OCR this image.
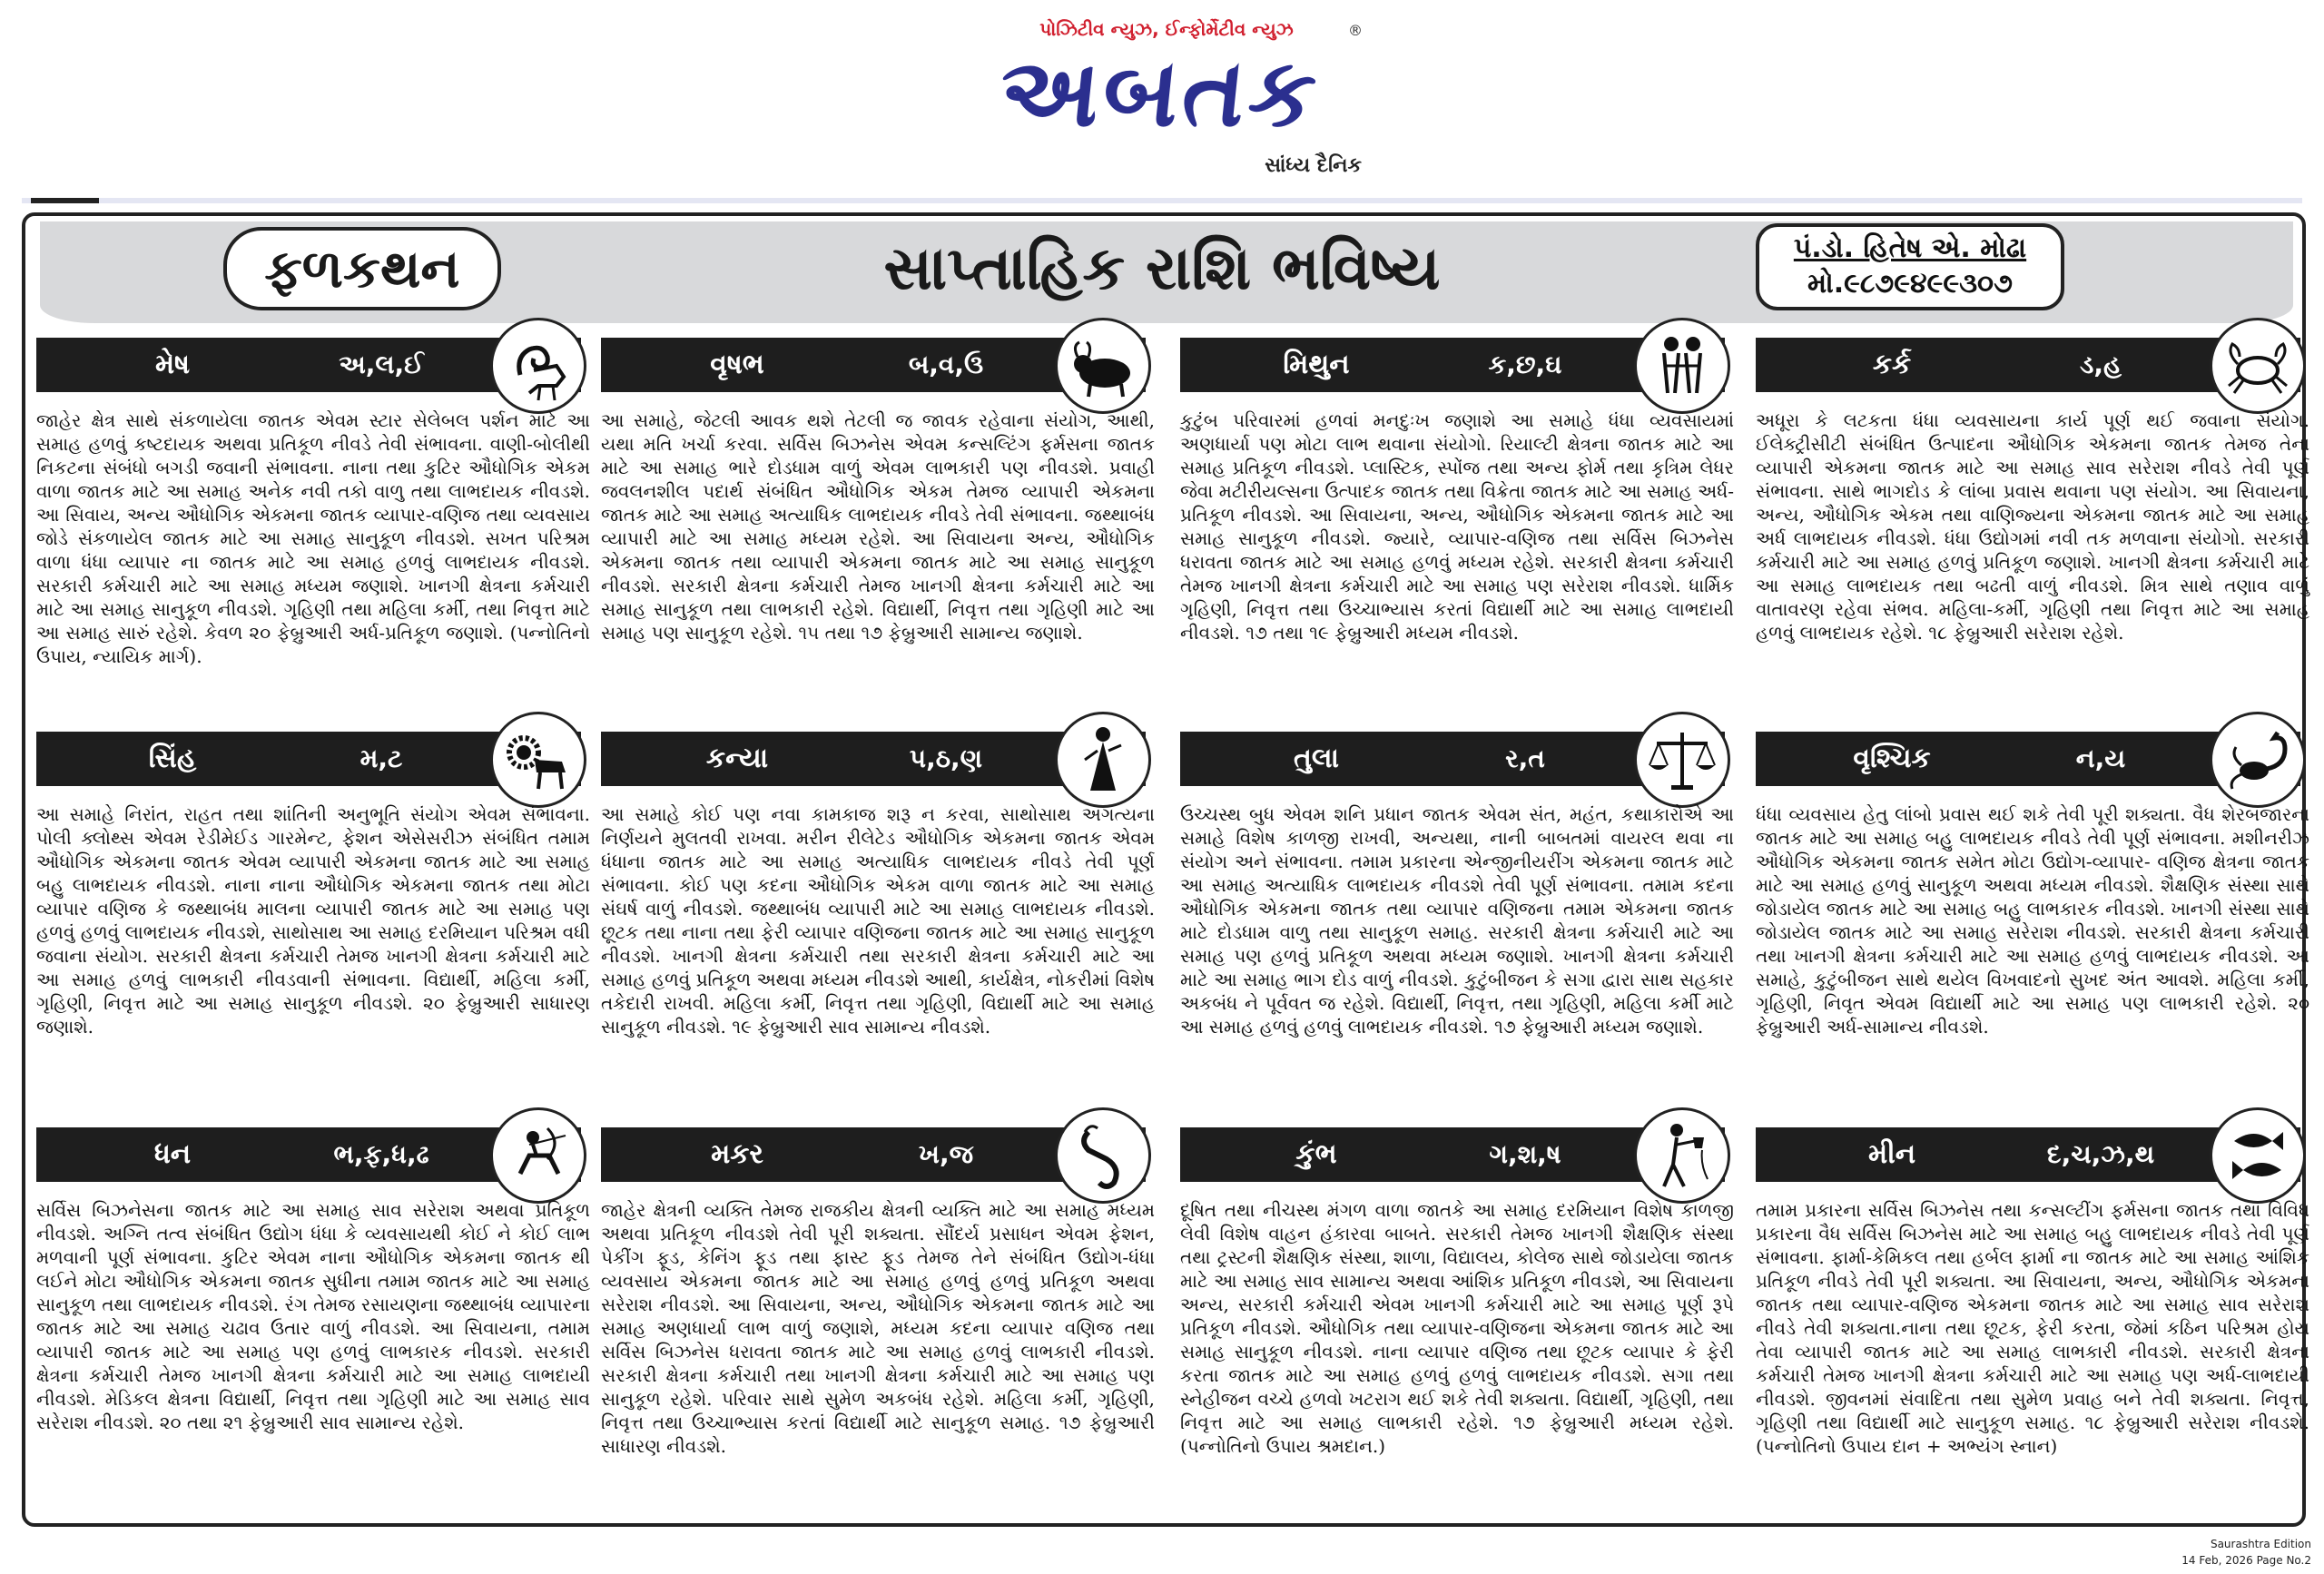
પોઝિટીવ ન્યુઝ, ઈન્ફોર્મેટીવ ન્યુઝ
અબતક
®
સાંધ્ય દૈનિક
ફળકથન	સાપ્તાહિક રાશિ ભવિષ્ય	પં.ડો. હિતેષ એ. મોઢા
મો.૯૮૭૯૪૯૯૩૦૭
મેષ	અ,લ,ઈ
જાહેર ક્ષેત્ર સાથે સંકળાયેલા જાતક એવમ સ્ટાર સેલેબલ પર્શન માટે આ સમાહ હળવું કષ્ટદાયક અથવા પ્રતિકૂળ નીવડે તેવી સંભાવના. વાણી-બોલીથી નિકટના સંબંધો બગડી જવાની સંભાવના. નાના તથા કુટિર ઔધોગિક એકમ વાળા જાતક માટે આ સમાહ અનેક નવી તકો વાળુ તથા લાભદાયક નીવડશે. આ સિવાય, અન્ય ઔધોગિક એકમના જાતક વ્યાપાર-વણિજ તથા વ્યવસાય જોડે સંકળાયેલ જાતક માટે આ સમાહ સાનુકૂળ નીવડશે. સખત પરિશ્રમ વાળા ધંધા વ્યાપાર ના જાતક માટે આ સમાહ હળવું લાભદાયક નીવડશે. સરકારી કર્મચારી માટે આ સમાહ મધ્યમ જણાશે. ખાનગી ક્ષેત્રના કર્મચારી માટે આ સમાહ સાનુકૂળ નીવડશે. ગૃહિણી તથા મહિલા કર્મી, તથા નિવૃત્ત માટે આ સમાહ સારું રહેશે. કેવળ ૨૦ ફેબ્રુઆરી અર્ધ-પ્રતિકૂળ જણાશે. (પન્નોતિનો ઉપાય, ન્યાયિક માર્ગ).
વૃષભ	બ,વ,ઉ
આ સમાહે, જેટલી આવક થશે તેટલી જ જાવક રહેવાના સંયોગ, આથી, યથા મતિ ખર્ચા કરવા. સર્વિસ બિઝનેસ એવમ કન્સલ્ટિંગ ફર્મસના જાતક માટે આ સમાહ ભારે દોડધામ વાળું એવમ લાભકારી પણ નીવડશે. પ્રવાહી જવલનશીલ પદાર્થ સંબંધિત ઔધોગિક એકમ તેમજ વ્યાપારી એકમના જાતક માટે આ સમાહ અત્યાધિક લાભદાયક નીવડે તેવી સંભાવના. જથ્થાબંધ વ્યાપારી માટે આ સમાહ મધ્યમ રહેશે. આ સિવાયના અન્ય, ઔધોગિક એકમના જાતક તથા વ્યાપારી એકમના જાતક માટે આ સમાહ સાનુકૂળ નીવડશે. સરકારી ક્ષેત્રના કર્મચારી તેમજ ખાનગી ક્ષેત્રના કર્મચારી માટે આ સમાહ સાનુકૂળ તથા લાભકારી રહેશે. વિદ્યાર્થી, નિવૃત્ત તથા ગૃહિણી માટે આ સમાહ પણ સાનુકૂળ રહેશે. ૧૫ તથા ૧૭ ફેબ્રુઆરી સામાન્ય જણાશે.
મિથુન	ક,છ,ઘ
કુટુંબ પરિવારમાં હળવાં મનદુઃખ જણાશે આ સમાહે ધંધા વ્યવસાયમાં અણધાર્યા પણ મોટા લાભ થવાના સંયોગો. રિયાલ્ટી ક્ષેત્રના જાતક માટે આ સમાહ પ્રતિકૂળ નીવડશે. પ્લાસ્ટિક, સ્પોંજ તથા અન્ય ફોર્મ તથા કૃત્રિમ લેધર જેવા મટીરીયલ્સના ઉત્પાદક જાતક તથા વિક્રેતા જાતક માટે આ સમાહ અર્ધ-પ્રતિકૂળ નીવડશે. આ સિવાયના, અન્ય, ઔધોગિક એકમના જાતક માટે આ સમાહ સાનુકૂળ નીવડશે. જ્યારે, વ્યાપાર-વણિજ તથા સર્વિસ બિઝનેસ ધરાવતા જાતક માટે આ સમાહ હળવું મધ્યમ રહેશે. સરકારી ક્ષેત્રના કર્મચારી તેમજ ખાનગી ક્ષેત્રના કર્મચારી માટે આ સમાહ પણ સરેરાશ નીવડશે. ધાર્મિક ગૃહિણી, નિવૃત્ત તથા ઉચ્ચાભ્યાસ કરતાં વિદ્યાર્થી માટે આ સમાહ લાભદાયી નીવડશે. ૧૭ તથા ૧૯ ફેબ્રુઆરી મધ્યમ નીવડશે.
કર્ક	ડ,હ
અધૂરા કે લટકતા ધંધા વ્યવસાયના કાર્ય પૂર્ણ થઈ જવાના સંયોગ. ઈલેક્ટ્રીસીટી સંબંધિત ઉત્પાદના ઔધોગિક એકમના જાતક તેમજ તેના વ્યાપારી એકમના જાતક માટે આ સમાહ સાવ સરેરાશ નીવડે તેવી પૂર્ણ સંભાવના. સાથે ભાગદોડ કે લાંબા પ્રવાસ થવાના પણ સંયોગ. આ સિવાયના, અન્ય, ઔધોગિક એકમ તથા વાણિજ્યના એકમના જાતક માટે આ સમાહ અર્ધ લાભદાયક નીવડશે. ધંધા ઉદ્યોગમાં નવી તક મળવાના સંયોગો. સરકારી કર્મચારી માટે આ સમાહ હળવું પ્રતિકૂળ જણાશે. ખાનગી ક્ષેત્રના કર્મચારી માટે આ સમાહ લાભદાયક તથા બઢતી વાળું નીવડશે. મિત્ર સાથે તણાવ વાળું વાતાવરણ રહેવા સંભવ. મહિલા-કર્મી, ગૃહિણી તથા નિવૃત્ત માટે આ સમાહ હળવું લાભદાયક રહેશે. ૧૮ ફેબ્રુઆરી સરેરાશ રહેશે.
સિંહ	મ,ટ
આ સમાહે નિરાંત, રાહત તથા શાંતિની અનુભૂતિ સંયોગ એવમ સંભાવના. પોલી ક્લોથ્સ એવમ રેડીમેઈડ ગારમેન્ટ, ફેશન એસેસરીઝ સંબંધિત તમામ ઔધોગિક એકમના જાતક એવમ વ્યાપારી એકમના જાતક માટે આ સમાહ બહુ લાભદાયક નીવડશે. નાના નાના ઔધોગિક એકમના જાતક તથા મોટા વ્યાપાર વણિજ કે જથ્થાબંધ માલના વ્યાપારી જાતક માટે આ સમાહ પણ હળવું હળવું લાભદાયક નીવડશે, સાથોસાથ આ સમાહ દરમિયાન પરિશ્રમ વધી જવાના સંયોગ. સરકારી ક્ષેત્રના કર્મચારી તેમજ ખાનગી ક્ષેત્રના કર્મચારી માટે આ સમાહ હળવું લાભકારી નીવડવાની સંભાવના. વિદ્યાર્થી, મહિલા કર્મી, ગૃહિણી, નિવૃત્ત માટે આ સમાહ સાનુકૂળ નીવડશે. ૨૦ ફેબ્રુઆરી સાધારણ જણાશે.
કન્યા	પ,ઠ,ણ
આ સમાહે કોઈ પણ નવા કામકાજ શરૂ ન કરવા, સાથોસાથ અગત્યના નિર્ણયને મુલતવી રાખવા. મરીન રીલેટેડ ઔધોગિક એકમના જાતક એવમ ધંધાના જાતક માટે આ સમાહ અત્યાધિક લાભદાયક નીવડે તેવી પૂર્ણ સંભાવના. કોઈ પણ કદના ઔધોગિક એકમ વાળા જાતક માટે આ સમાહ સંઘર્ષ વાળું નીવડશે. જથ્થાબંધ વ્યાપારી માટે આ સમાહ લાભદાયક નીવડશે. છૂટક તથા નાના તથા ફેરી વ્યાપાર વણિજના જાતક માટે આ સમાહ સાનુકૂળ નીવડશે. ખાનગી ક્ષેત્રના કર્મચારી તથા સરકારી ક્ષેત્રના કર્મચારી માટે આ સમાહ હળવું પ્રતિકૂળ અથવા મધ્યમ નીવડશે આથી, કાર્યક્ષેત્ર, નોકરીમાં વિશેષ તકેદારી રાખવી. મહિલા કર્મી, નિવૃત્ત તથા ગૃહિણી, વિદ્યાર્થી માટે આ સમાહ સાનુકૂળ નીવડશે. ૧૯ ફેબ્રુઆરી સાવ સામાન્ય નીવડશે.
તુલા	ર,ત
ઉચ્ચસ્થ બુધ એવમ શનિ પ્રધાન જાતક એવમ સંત, મહંત, કથાકારોએ આ સમાહે વિશેષ કાળજી રાખવી, અન્યથા, નાની બાબતમાં વાયરલ થવા ના સંયોગ અને સંભાવના. તમામ પ્રકારના એન્જીનીયરીંગ એકમના જાતક માટે આ સમાહ અત્યાધિક લાભદાયક નીવડશે તેવી પૂર્ણ સંભાવના. તમામ કદના ઔધોગિક એકમના જાતક તથા વ્યાપાર વણિજના તમામ એકમના જાતક માટે દોડધામ વાળુ તથા સાનુકૂળ સમાહ. સરકારી ક્ષેત્રના કર્મચારી માટે આ સમાહ પણ હળવું પ્રતિકૂળ અથવા મધ્યમ જણાશે. ખાનગી ક્ષેત્રના કર્મચારી માટે આ સમાહ ભાગ દોડ વાળું નીવડશે. કુટુંબીજન કે સગા દ્વારા સાથ સહકાર અકબંધ ને પૂર્વવત જ રહેશે. વિદ્યાર્થી, નિવૃત્ત, તથા ગૃહિણી, મહિલા કર્મી માટે આ સમાહ હળવું હળવું લાભદાયક નીવડશે. ૧૭ ફેબ્રુઆરી મધ્યમ જણાશે.
વૃશ્ચિક	ન,ય
ધંધા વ્યવસાય હેતુ લાંબો પ્રવાસ થઈ શકે તેવી પૂરી શક્યતા. વૈધ શેરબજારના જાતક માટે આ સમાહ બહુ લાભદાયક નીવડે તેવી પૂર્ણ સંભાવના. મશીનરીઝ ઔધોગિક એકમના જાતક સમેત મોટા ઉદ્યોગ-વ્યાપાર- વણિજ ક્ષેત્રના જાતક માટે આ સમાહ હળવું સાનુકૂળ અથવા મધ્યમ નીવડશે. શૈક્ષણિક સંસ્થા સાથે જોડાયેલ જાતક માટે આ સમાહ બહુ લાભકારક નીવડશે. ખાનગી સંસ્થા સાથે જોડાયેલ જાતક માટે આ સમાહ સરેરાશ નીવડશે. સરકારી ક્ષેત્રના કર્મચારી તથા ખાનગી ક્ષેત્રના કર્મચારી માટે આ સમાહ હળવું લાભદાયક નીવડશે. આ સમાહે, કુટુંબીજન સાથે થયેલ વિખવાદનો સુખદ અંત આવશે. મહિલા કર્મી, ગૃહિણી, નિવૃત એવમ વિદ્યાર્થી માટે આ સમાહ પણ લાભકારી રહેશે. ૨૦ ફેબ્રુઆરી અર્ધ-સામાન્ય નીવડશે.
ધન	ભ,ફ,ધ,ઢ
સર્વિસ બિઝનેસના જાતક માટે આ સમાહ સાવ સરેરાશ અથવા પ્રતિકૂળ નીવડશે. અગ્નિ તત્વ સંબંધિત ઉદ્યોગ ધંધા કે વ્યવસાયથી કોઈ ને કોઈ લાભ મળવાની પૂર્ણ સંભાવના. કુટિર એવમ નાના ઔધોગિક એકમના જાતક થી લઈને મોટા ઔધોગિક એકમના જાતક સુધીના તમામ જાતક માટે આ સમાહ સાનુકૂળ તથા લાભદાયક નીવડશે. રંગ તેમજ રસાયણના જથ્થાબંધ વ્યાપારના જાતક માટે આ સમાહ ચઢાવ ઉતાર વાળું નીવડશે. આ સિવાયના, તમામ વ્યાપારી જાતક માટે આ સમાહ પણ હળવું લાભકારક નીવડશે. સરકારી ક્ષેત્રના કર્મચારી તેમજ ખાનગી ક્ષેત્રના કર્મચારી માટે આ સમાહ લાભદાયી નીવડશે. મેડિકલ ક્ષેત્રના વિદ્યાર્થી, નિવૃત્ત તથા ગૃહિણી માટે આ સમાહ સાવ સરેરાશ નીવડશે. ૨૦ તથા ૨૧ ફેબ્રુઆરી સાવ સામાન્ય રહેશે.
મકર	ખ,જ
જાહેર ક્ષેત્રની વ્યક્તિ તેમજ રાજકીય ક્ષેત્રની વ્યક્તિ માટે આ સમાહ મધ્યમ અથવા પ્રતિકૂળ નીવડશે તેવી પૂરી શક્યતા. સૌંદર્ય પ્રસાધન એવમ ફેશન, પેકીંગ ફૂડ, કેનિંગ ફૂડ તથા ફાસ્ટ ફૂડ તેમજ તેને સંબંધિત ઉદ્યોગ-ધંધા વ્યવસાય એકમના જાતક માટે આ સમાહ હળવું હળવું પ્રતિકૂળ અથવા સરેરાશ નીવડશે. આ સિવાયના, અન્ય, ઔધોગિક એકમના જાતક માટે આ સમાહ અણધાર્યા લાભ વાળું જણાશે, મધ્યમ કદના વ્યાપાર વણિજ તથા સર્વિસ બિઝનેસ ધરાવતા જાતક માટે આ સમાહ હળવું લાભકારી નીવડશે. સરકારી ક્ષેત્રના કર્મચારી તથા ખાનગી ક્ષેત્રના કર્મચારી માટે આ સમાહ પણ સાનુકૂળ રહેશે. પરિવાર સાથે સુમેળ અકબંધ રહેશે. મહિલા કર્મી, ગૃહિણી, નિવૃત્ત તથા ઉચ્ચાભ્યાસ કરતાં વિદ્યાર્થી માટે સાનુકૂળ સમાહ. ૧૭ ફેબ્રુઆરી સાધારણ નીવડશે.
કુંભ	ગ,શ,ષ
દૂષિત તથા નીચસ્થ મંગળ વાળા જાતકે આ સમાહ દરમિયાન વિશેષ કાળજી લેવી વિશેષ વાહન હંકારવા બાબતે. સરકારી તેમજ ખાનગી શૈક્ષણિક સંસ્થા તથા ટ્રસ્ટની શૈક્ષણિક સંસ્થા, શાળા, વિદ્યાલય, કોલેજ સાથે જોડાયેલા જાતક માટે આ સમાહ સાવ સામાન્ય અથવા આંશિક પ્રતિકૂળ નીવડશે, આ સિવાયના અન્ય, સરકારી કર્મચારી એવમ ખાનગી કર્મચારી માટે આ સમાહ પૂર્ણ રૂપે પ્રતિકૂળ નીવડશે. ઔધોગિક તથા વ્યાપાર-વણિજના એકમના જાતક માટે આ સમાહ સાનુકૂળ નીવડશે. નાના વ્યાપાર વણિજ તથા છૂટક વ્યાપાર કે ફેરી કરતા જાતક માટે આ સમાહ હળવું હળવું લાભદાયક નીવડશે. સગા તથા સ્નેહીજન વચ્ચે હળવો ખટરાગ થઈ શકે તેવી શક્યતા. વિદ્યાર્થી, ગૃહિણી, તથા નિવૃત્ત માટે આ સમાહ લાભકારી રહેશે. ૧૭ ફેબ્રુઆરી મધ્યમ રહેશે. (પન્નોતિનો ઉપાય શ્રમદાન.)
મીન	દ,ચ,ઝ,થ
તમામ પ્રકારના સર્વિસ બિઝનેસ તથા કન્સલ્ટીંગ ફર્મસના જાતક તથા વિવિધ પ્રકારના વૈધ સર્વિસ બિઝનેસ માટે આ સમાહ બહુ લાભદાયક નીવડે તેવી પૂર્ણ સંભાવના. ફાર્મા-કેમિકલ તથા હર્બલ ફાર્મા ના જાતક માટે આ સમાહ આંશિક પ્રતિકૂળ નીવડે તેવી પૂરી શક્યતા. આ સિવાયના, અન્ય, ઔધોગિક એકમના જાતક તથા વ્યાપાર-વણિજ એકમના જાતક માટે આ સમાહ સાવ સરેરાશ નીવડે તેવી શક્યતા.નાના તથા છૂટક, ફેરી કરતા, જેમાં કઠિન પરિશ્રમ હોય તેવા વ્યાપારી જાતક માટે આ સમાહ લાભકારી નીવડશે. સરકારી ક્ષેત્રના કર્મચારી તેમજ ખાનગી ક્ષેત્રના કર્મચારી માટે આ સમાહ પણ અર્ધ-લાભદાયી નીવડશે. જીવનમાં સંવાદિતા તથા સુમેળ પ્રવાહ બને તેવી શક્યતા. નિવૃત્ત, ગૃહિણી તથા વિદ્યાર્થી માટે સાનુકૂળ સમાહ. ૧૮ ફેબ્રુઆરી સરેરાશ નીવડશે. (પન્નોતિનો ઉપાય દાન + અભ્યંગ સ્નાન)
Saurashtra Edition
14 Feb, 2026 Page No.2
